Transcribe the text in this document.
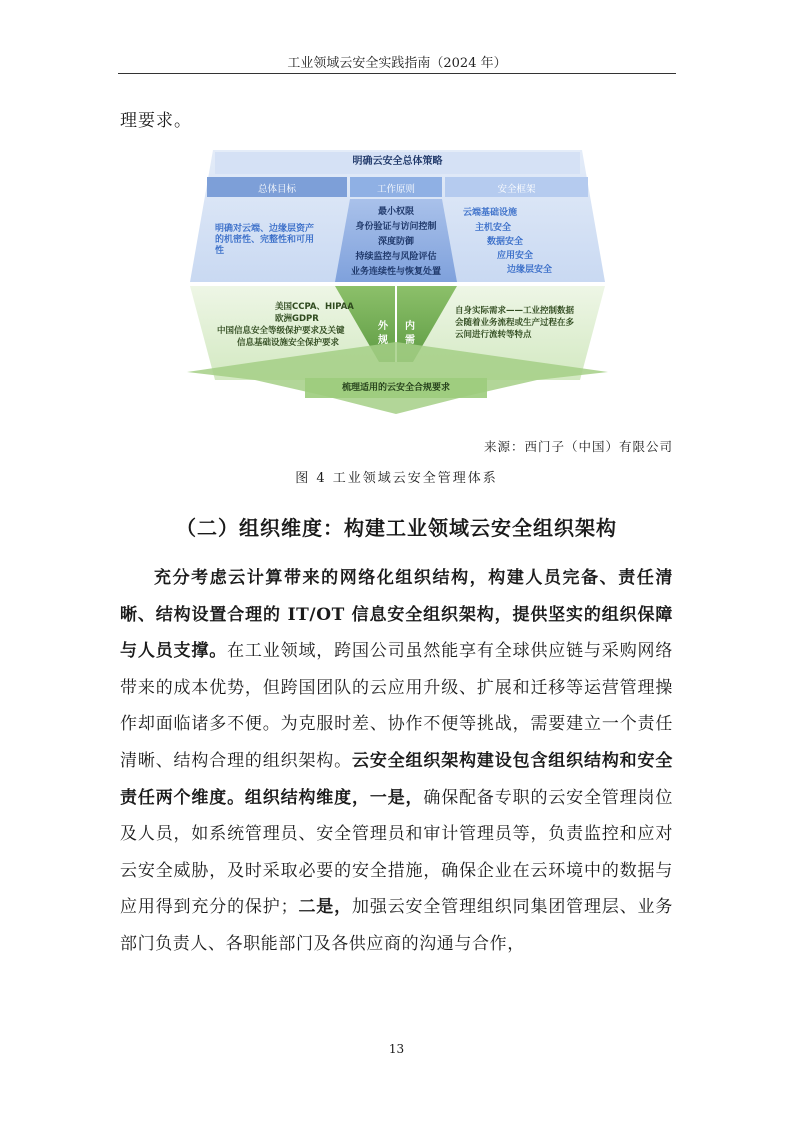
工业领域云安全实践指南（2024 年）
理要求。
明确云安全总体策略
总体目标	工作原则	安全框架
明确对云端、边缘层资产
的机密性、完整性和可用
性
最小权限
身份验证与访问控制
深度防御
持续监控与风险评估
业务连续性与恢复处置
云端基础设施
主机安全
数据安全
应用安全
边缘层安全
美国CCPA、HIPAA
欧洲GDPR
中国信息安全等级保护要求及关键
信息基础设施安全保护要求
外规
内需
自身实际需求——工业控制数据
会随着业务流程或生产过程在多
云间进行流转等特点
梳理适用的云安全合规要求
来源：西门子（中国）有限公司
图 4 工业领域云安全管理体系
（二）组织维度：构建工业领域云安全组织架构
充分考虑云计算带来的网络化组织结构，构建人员完备、责任清晰、结构设置合理的 IT/OT 信息安全组织架构，提供坚实的组织保障与人员支撑。在工业领域，跨国公司虽然能享有全球供应链与采购网络带来的成本优势，但跨国团队的云应用升级、扩展和迁移等运营管理操作却面临诸多不便。为克服时差、协作不便等挑战，需要建立一个责任清晰、结构合理的组织架构。云安全组织架构建设包含组织结构和安全责任两个维度。组织结构维度，一是，确保配备专职的云安全管理岗位及人员，如系统管理员、安全管理员和审计管理员等，负责监控和应对云安全威胁，及时采取必要的安全措施，确保企业在云环境中的数据与应用得到充分的保护；二是，加强云安全管理组织同集团管理层、业务部门负责人、各职能部门及各供应商的沟通与合作，
13
